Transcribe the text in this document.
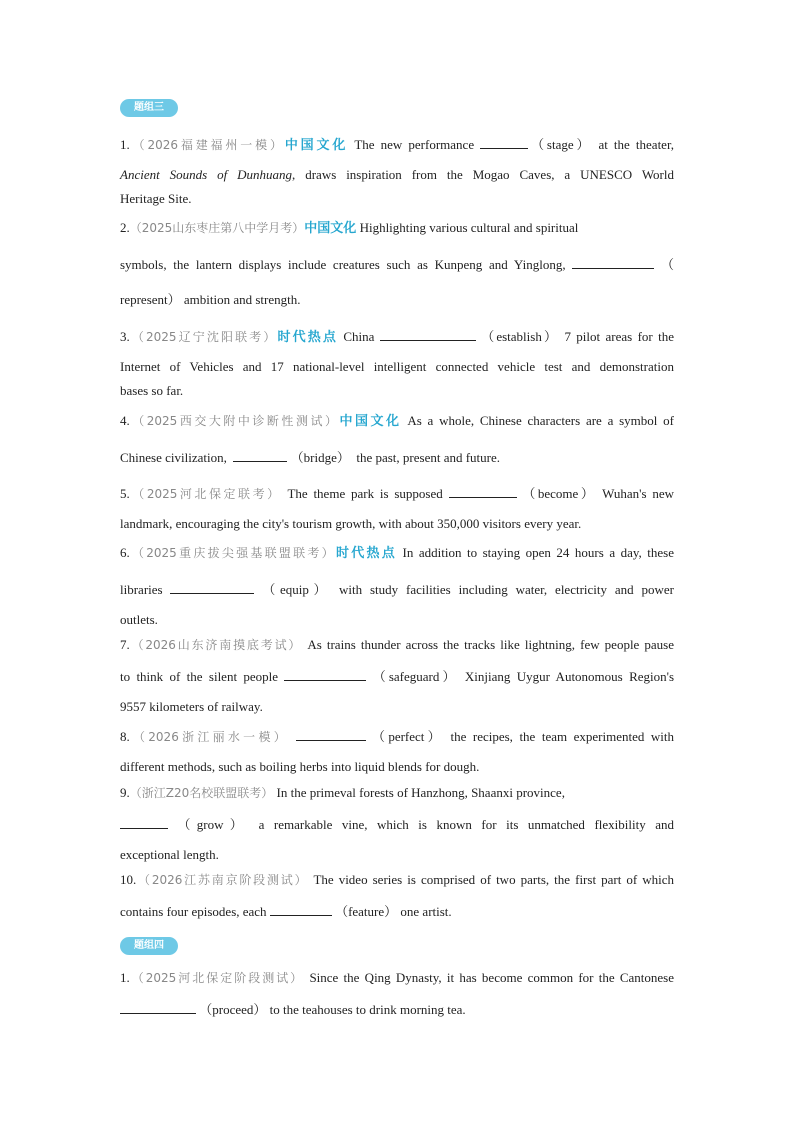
题组三
1.（2026福建福州一模）中国文化 The new performance	（stage） at the theater,
Ancient Sounds of Dunhuang, draws inspiration from the Mogao Caves, a UNESCO World
Heritage Site.
2.（2025山东枣庄第八中学月考）中国文化 Highlighting various cultural and spiritual
symbols, the lantern displays include creatures such as Kunpeng and Yinglong,	（
represent） ambition and strength.
3.（2025辽宁沈阳联考）时代热点 China	（establish） 7 pilot areas for the
Internet of Vehicles and 17 national-level intelligent connected vehicle test and demonstration
bases so far.
4.（2025西交大附中诊断性测试）中国文化 As a whole, Chinese characters are a symbol of
Chinese civilization,	（bridge） the past, present and future.
5.（2025河北保定联考） The theme park is supposed	（become） Wuhan's new
landmark, encouraging the city's tourism growth, with about 350,000 visitors every year.
6.（2025重庆拔尖强基联盟联考）时代热点 In addition to staying open 24 hours a day, these
libraries	（equip） with study facilities including water, electricity and power
outlets.
7.（2026山东济南摸底考试） As trains thunder across the tracks like lightning, few people pause
to think of the silent people	（safeguard） Xinjiang Uygur Autonomous Region's
9557 kilometers of railway.
8.（2026浙江丽水一模）	（perfect） the recipes, the team experimented with
different methods, such as boiling herbs into liquid blends for dough.
9.（浙江Z20名校联盟联考） In the primeval forests of Hanzhong, Shaanxi province,
（grow） a remarkable vine, which is known for its unmatched flexibility and
exceptional length.
10.（2026江苏南京阶段测试） The video series is comprised of two parts, the first part of which
contains four episodes, each	（feature） one artist.
题组四
1.（2025河北保定阶段测试） Since the Qing Dynasty, it has become common for the Cantonese
（proceed） to the teahouses to drink morning tea.
